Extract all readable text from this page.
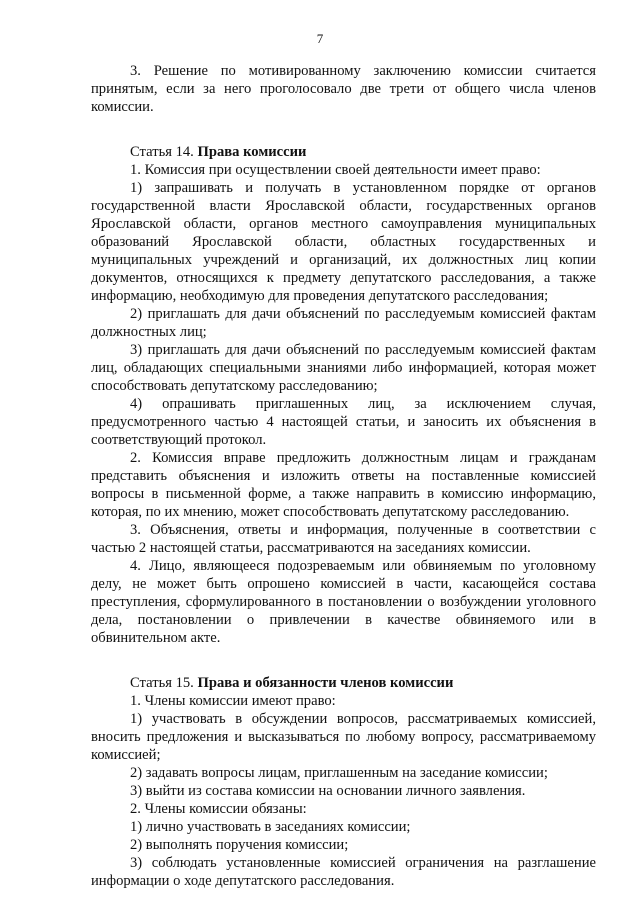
7

3. Решение по мотивированному заключению комиссии считается принятым, если за него проголосовало две трети от общего числа членов комиссии.

Статья 14. Права комиссии

1. Комиссия при осуществлении своей деятельности имеет право:

1) запрашивать и получать в установленном порядке от органов государственной власти Ярославской области, государственных органов Ярославской области, органов местного самоуправления муниципальных образований Ярославской области, областных государственных и муниципальных учреждений и организаций, их должностных лиц копии документов, относящихся к предмету депутатского расследования, а также информацию, необходимую для проведения депутатского расследования;

2) приглашать для дачи объяснений по расследуемым комиссией фактам должностных лиц;

3) приглашать для дачи объяснений по расследуемым комиссией фактам лиц, обладающих специальными знаниями либо информацией, которая может способствовать депутатскому расследованию;

4) опрашивать приглашенных лиц, за исключением случая, предусмотренного частью 4 настоящей статьи, и заносить их объяснения в соответствующий протокол.

2. Комиссия вправе предложить должностным лицам и гражданам представить объяснения и изложить ответы на поставленные комиссией вопросы в письменной форме, а также направить в комиссию информацию, которая, по их мнению, может способствовать депутатскому расследованию.

3. Объяснения, ответы и информация, полученные в соответствии с частью 2 настоящей статьи, рассматриваются на заседаниях комиссии.

4. Лицо, являющееся подозреваемым или обвиняемым по уголовному делу, не может быть опрошено комиссией в части, касающейся состава преступления, сформулированного в постановлении о возбуждении уголовного дела, постановлении о привлечении в качестве обвиняемого или в обвинительном акте.

Статья 15. Права и обязанности членов комиссии

1. Члены комиссии имеют право:

1) участвовать в обсуждении вопросов, рассматриваемых комиссией, вносить предложения и высказываться по любому вопросу, рассматриваемому комиссией;

2) задавать вопросы лицам, приглашенным на заседание комиссии;

3) выйти из состава комиссии на основании личного заявления.

2. Члены комиссии обязаны:

1) лично участвовать в заседаниях комиссии;

2) выполнять поручения комиссии;

3) соблюдать установленные комиссией ограничения на разглашение информации о ходе депутатского расследования.
